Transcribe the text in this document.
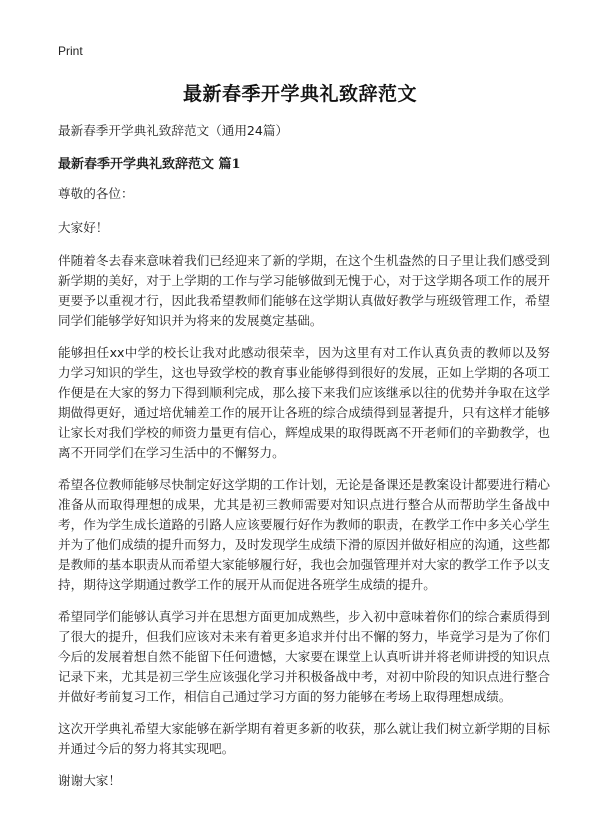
Print
最新春季开学典礼致辞范文

最新春季开学典礼致辞范文（通用24篇）

最新春季开学典礼致辞范文 篇1

尊敬的各位：

大家好！

伴随着冬去春来意味着我们已经迎来了新的学期，在这个生机盎然的日子里让我们感受到新学期的美好，对于上学期的工作与学习能够做到无愧于心，对于这学期各项工作的展开更要予以重视才行，因此我希望教师们能够在这学期认真做好教学与班级管理工作，希望同学们能够学好知识并为将来的发展奠定基础。

能够担任xx中学的校长让我对此感动很荣幸，因为这里有对工作认真负责的教师以及努力学习知识的学生，这也导致学校的教育事业能够得到很好的发展，正如上学期的各项工作便是在大家的努力下得到顺利完成，那么接下来我们应该继承以往的优势并争取在这学期做得更好，通过培优辅差工作的展开让各班的综合成绩得到显著提升，只有这样才能够让家长对我们学校的师资力量更有信心，辉煌成果的取得既离不开老师们的辛勤教学，也离不开同学们在学习生活中的不懈努力。

希望各位教师能够尽快制定好这学期的工作计划，无论是备课还是教案设计都要进行精心准备从而取得理想的成果，尤其是初三教师需要对知识点进行整合从而帮助学生备战中考，作为学生成长道路的引路人应该要履行好作为教师的职责，在教学工作中多关心学生并为了他们成绩的提升而努力，及时发现学生成绩下滑的原因并做好相应的沟通，这些都是教师的基本职责从而希望大家能够履行好，我也会加强管理并对大家的教学工作予以支持，期待这学期通过教学工作的展开从而促进各班学生成绩的提升。

希望同学们能够认真学习并在思想方面更加成熟些，步入初中意味着你们的综合素质得到了很大的提升，但我们应该对未来有着更多追求并付出不懈的努力，毕竟学习是为了你们今后的发展着想自然不能留下任何遗憾，大家要在课堂上认真听讲并将老师讲授的知识点记录下来，尤其是初三学生应该强化学习并积极备战中考，对初中阶段的知识点进行整合并做好考前复习工作，相信自己通过学习方面的努力能够在考场上取得理想成绩。

这次开学典礼希望大家能够在新学期有着更多新的收获，那么就让我们树立新学期的目标并通过今后的努力将其实现吧。

谢谢大家！
